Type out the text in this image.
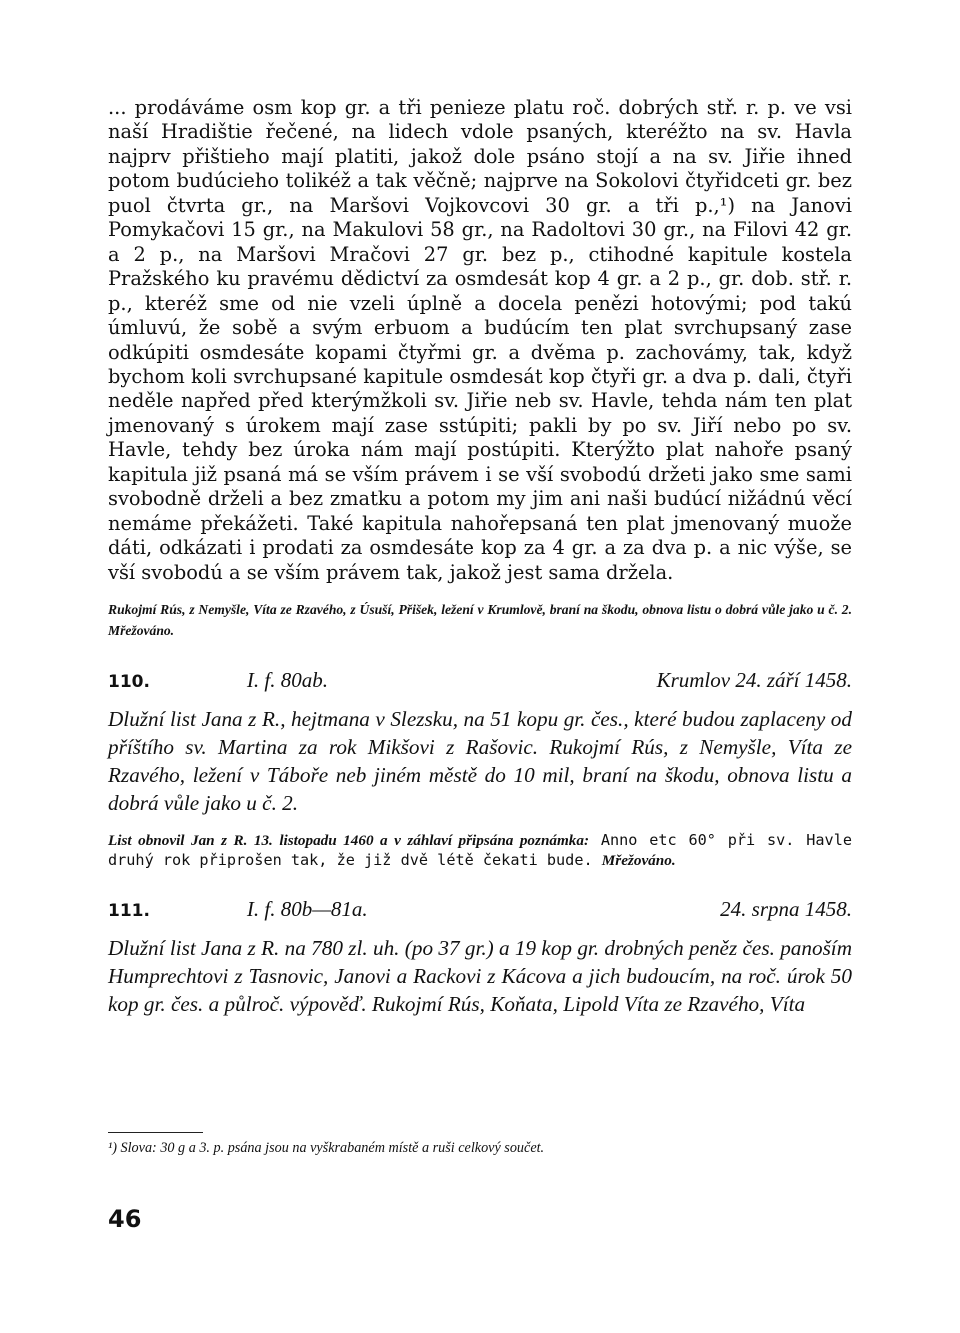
... prodáváme osm kop gr. a tři penieze platu roč. dobrých stř. r. p. ve vsi naší Hradištie řečené, na lidech vdole psaných, kteréžto na sv. Havla najprv přištieho mají platiti, jakož dole psáno stojí a na sv. Jiřie ihned potom budúcieho tolikéž a tak věčně; najprve na Sokolovi čtyřidceti gr. bez puol čtvrta gr., na Maršovi Vojkovcovi 30 gr. a tři p.,¹) na Janovi Pomykačovi 15 gr., na Makulovi 58 gr., na Radoltovi 30 gr., na Filovi 42 gr. a 2 p., na Maršovi Mračovi 27 gr. bez p., ctihodné kapitule kostela Pražského ku pravému dědictví za osmdesát kop 4 gr. a 2 p., gr. dob. stř. r. p., kteréž sme od nie vzeli úplně a docela penězi hotovými; pod takú úmluvú, že sobě a svým erbuom a budúcím ten plat svrchupsaný zase odkúpiti osmdesáte kopami čtyřmi gr. a dvěma p. zachovámy, tak, když bychom koli svrchupsané kapitule osmdesát kop čtyři gr. a dva p. dali, čtyři neděle napřed před kterýmžkoli sv. Jiřie neb sv. Havle, tehda nám ten plat jmenovaný s úrokem mají zase sstúpiti; pakli by po sv. Jiří nebo po sv. Havle, tehdy bez úroka nám mají postúpiti. Kterýžto plat nahoře psaný kapitula již psaná má se vším právem i se vší svobodú držeti jako sme sami svobodně drželi a bez zmatku a potom my jim ani naši budúcí nižádnú věcí nemáme překážeti. Také kapitula nahořepsaná ten plat jmenovaný muože dáti, odkázati i prodati za osmdesáte kop za 4 gr. a za dva p. a nic výše, se vší svobodú a se vším právem tak, jakož jest sama držela.

Rukojmí Rús, z Nemyšle, Víta ze Rzavého, z Úsuší, Přišek, ležení v Krumlově, braní na škodu, obnova listu o dobrá vůle jako u č. 2. Mřežováno.

110.	I. f. 80ab.	Krumlov 24. září 1458.

Dlužní list Jana z R., hejtmana v Slezsku, na 51 kopu gr. čes., které budou zaplaceny od příštího sv. Martina za rok Mikšovi z Rašovic. Rukojmí Rús, z Nemyšle, Víta ze Rzavého, ležení v Táboře neb jiném městě do 10 mil, braní na škodu, obnova listu a dobrá vůle jako u č. 2.

List obnovil Jan z R. 13. listopadu 1460 a v záhlaví připsána poznámka: Anno etc 60° při sv. Havle druhý rok připrošen tak, že již dvě létě čekati bude. Mřežováno.

111.	I. f. 80b—81a.	24. srpna 1458.

Dlužní list Jana z R. na 780 zl. uh. (po 37 gr.) a 19 kop gr. drobných peněz čes. panoším Humprechtovi z Tasnovic, Janovi a Rackovi z Kácova a jich budoucím, na roč. úrok 50 kop gr. čes. a půlroč. výpověď. Rukojmí Rús, Koňata, Lipold Víta ze Rzavého, Víta

¹) Slova: 30 g a 3. p. psána jsou na vyškrabaném místě a ruši celkový součet.

46
